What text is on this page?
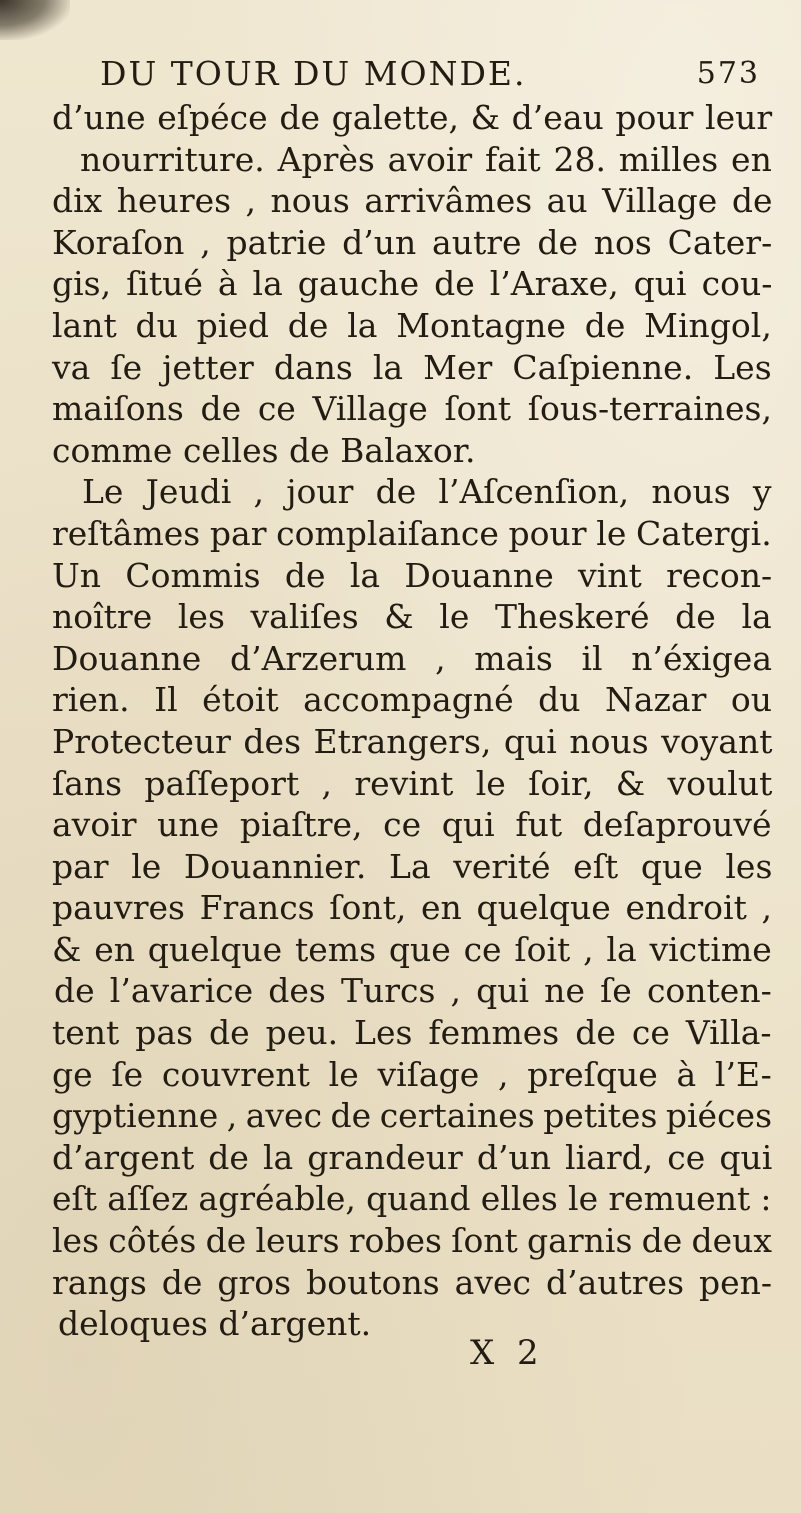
DU TOUR DU MONDE.	573
d’une eſpéce de galette, & d’eau pour leur
nourriture. Après avoir fait 28. milles en
dix heures , nous arrivâmes au Village de
Koraſon , patrie d’un autre de nos Cater-
gis, ſitué à la gauche de l’Araxe, qui cou-
lant du pied de la Montagne de Mingol,
va ſe jetter dans la Mer Caſpienne. Les
maiſons de ce Village ſont ſous-terraines,
comme celles de Balaxor.
Le Jeudi , jour de l’Aſcenſion, nous y
reſtâmes par complaiſance pour le Catergi.
Un Commis de la Douanne vint recon-
noître les valiſes & le Theskeré de la
Douanne d’Arzerum , mais il n’éxigea
rien. Il étoit accompagné du Nazar ou
Protecteur des Etrangers, qui nous voyant
ſans paſſeport , revint le ſoir, & voulut
avoir une piaſtre, ce qui fut deſaprouvé
par le Douannier. La verité eſt que les
pauvres Francs ſont, en quelque endroit ,
& en quelque tems que ce ſoit , la victime
de l’avarice des Turcs , qui ne ſe conten-
tent pas de peu. Les femmes de ce Villa-
ge ſe couvrent le viſage , preſque à l’E-
gyptienne , avec de certaines petites piéces
d’argent de la grandeur d’un liard, ce qui
eſt aſſez agréable, quand elles le remuent :
les côtés de leurs robes ſont garnis de deux
rangs de gros boutons avec d’autres pen-
deloques d’argent.
X 2
